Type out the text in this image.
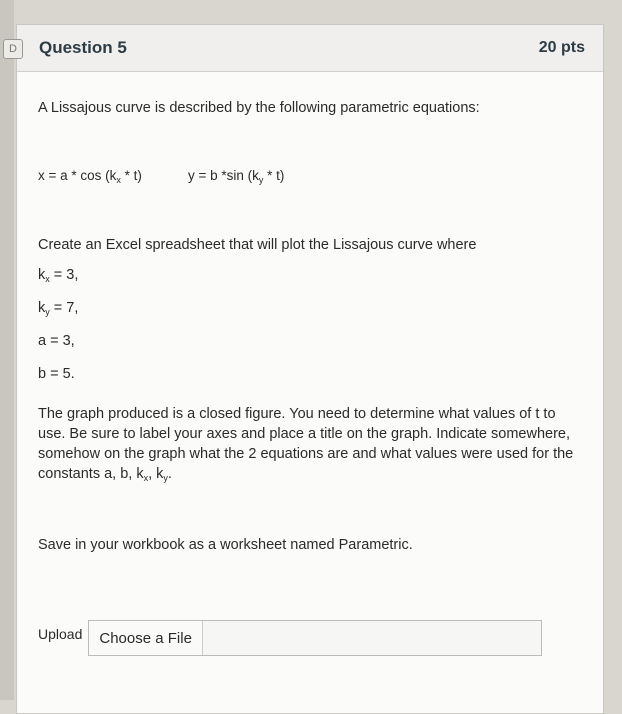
D	Question 5	20 pts
A Lissajous curve is described by the following parametric equations:
$x = a * \cos (k_x * t)$	y = b *sin $(k_y * t)$
Create an Excel spreadsheet that will plot the Lissajous curve where
$k_x = 3$,
$k_y = 7$,
a = 3,
b = 5.
The graph produced is a closed figure. You need to determine what values of t to use. Be sure to label your axes and place a title on the graph. Indicate somewhere, somehow on the graph what the 2 equations are and what values were used for the constants a, b, $k_x$, $k_y$.
Save in your workbook as a worksheet named Parametric.
Upload	Choose a File
